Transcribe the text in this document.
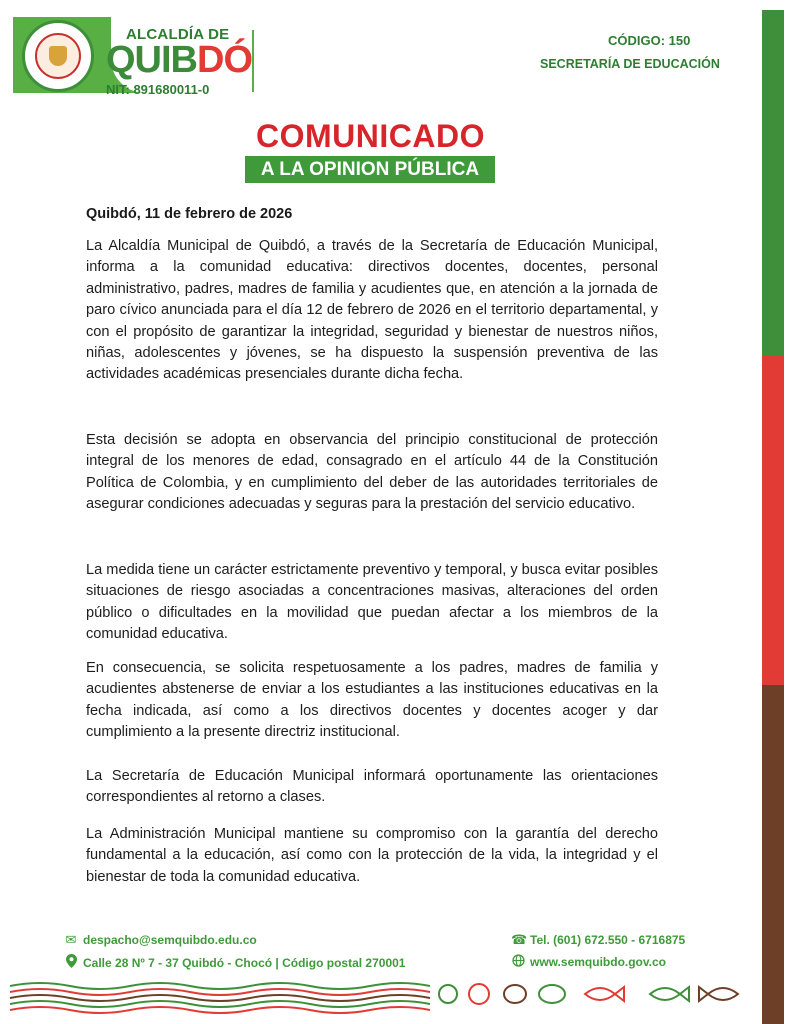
ALCALDÍA DE
QUIBDÓ
NIT: 891680011-0
CÓDIGO: 150
SECRETARÍA DE EDUCACIÓN
COMUNICADO
A LA OPINION PÚBLICA
Quibdó, 11 de febrero de 2026

La Alcaldía Municipal de Quibdó, a través de la Secretaría de Educación Municipal, informa a la comunidad educativa: directivos docentes, docentes, personal administrativo, padres, madres de familia y acudientes que, en atención a la jornada de paro cívico anunciada para el día 12 de febrero de 2026 en el territorio departamental, y con el propósito de garantizar la integridad, seguridad y bienestar de nuestros niños, niñas, adolescentes y jóvenes, se ha dispuesto la suspensión preventiva de las actividades académicas presenciales durante dicha fecha.

Esta decisión se adopta en observancia del principio constitucional de protección integral de los menores de edad, consagrado en el artículo 44 de la Constitución Política de Colombia, y en cumplimiento del deber de las autoridades territoriales de asegurar condiciones adecuadas y seguras para la prestación del servicio educativo.

La medida tiene un carácter estrictamente preventivo y temporal, y busca evitar posibles situaciones de riesgo asociadas a concentraciones masivas, alteraciones del orden público o dificultades en la movilidad que puedan afectar a los miembros de la comunidad educativa.

En consecuencia, se solicita respetuosamente a los padres, madres de familia y acudientes abstenerse de enviar a los estudiantes a las instituciones educativas en la fecha indicada, así como a los directivos docentes y docentes acoger y dar cumplimiento a la presente directriz institucional.

La Secretaría de Educación Municipal informará oportunamente las orientaciones correspondientes al retorno a clases.

La Administración Municipal mantiene su compromiso con la garantía del derecho fundamental a la educación, así como con la protección de la vida, la integridad y el bienestar de toda la comunidad educativa.

✉ despacho@semquibdo.edu.co
Calle 28 Nº 7 - 37 Quibdó - Chocó | Código postal 270001
☎ Tel. (601) 672.550 - 6716875
www.semquibdo.gov.co
